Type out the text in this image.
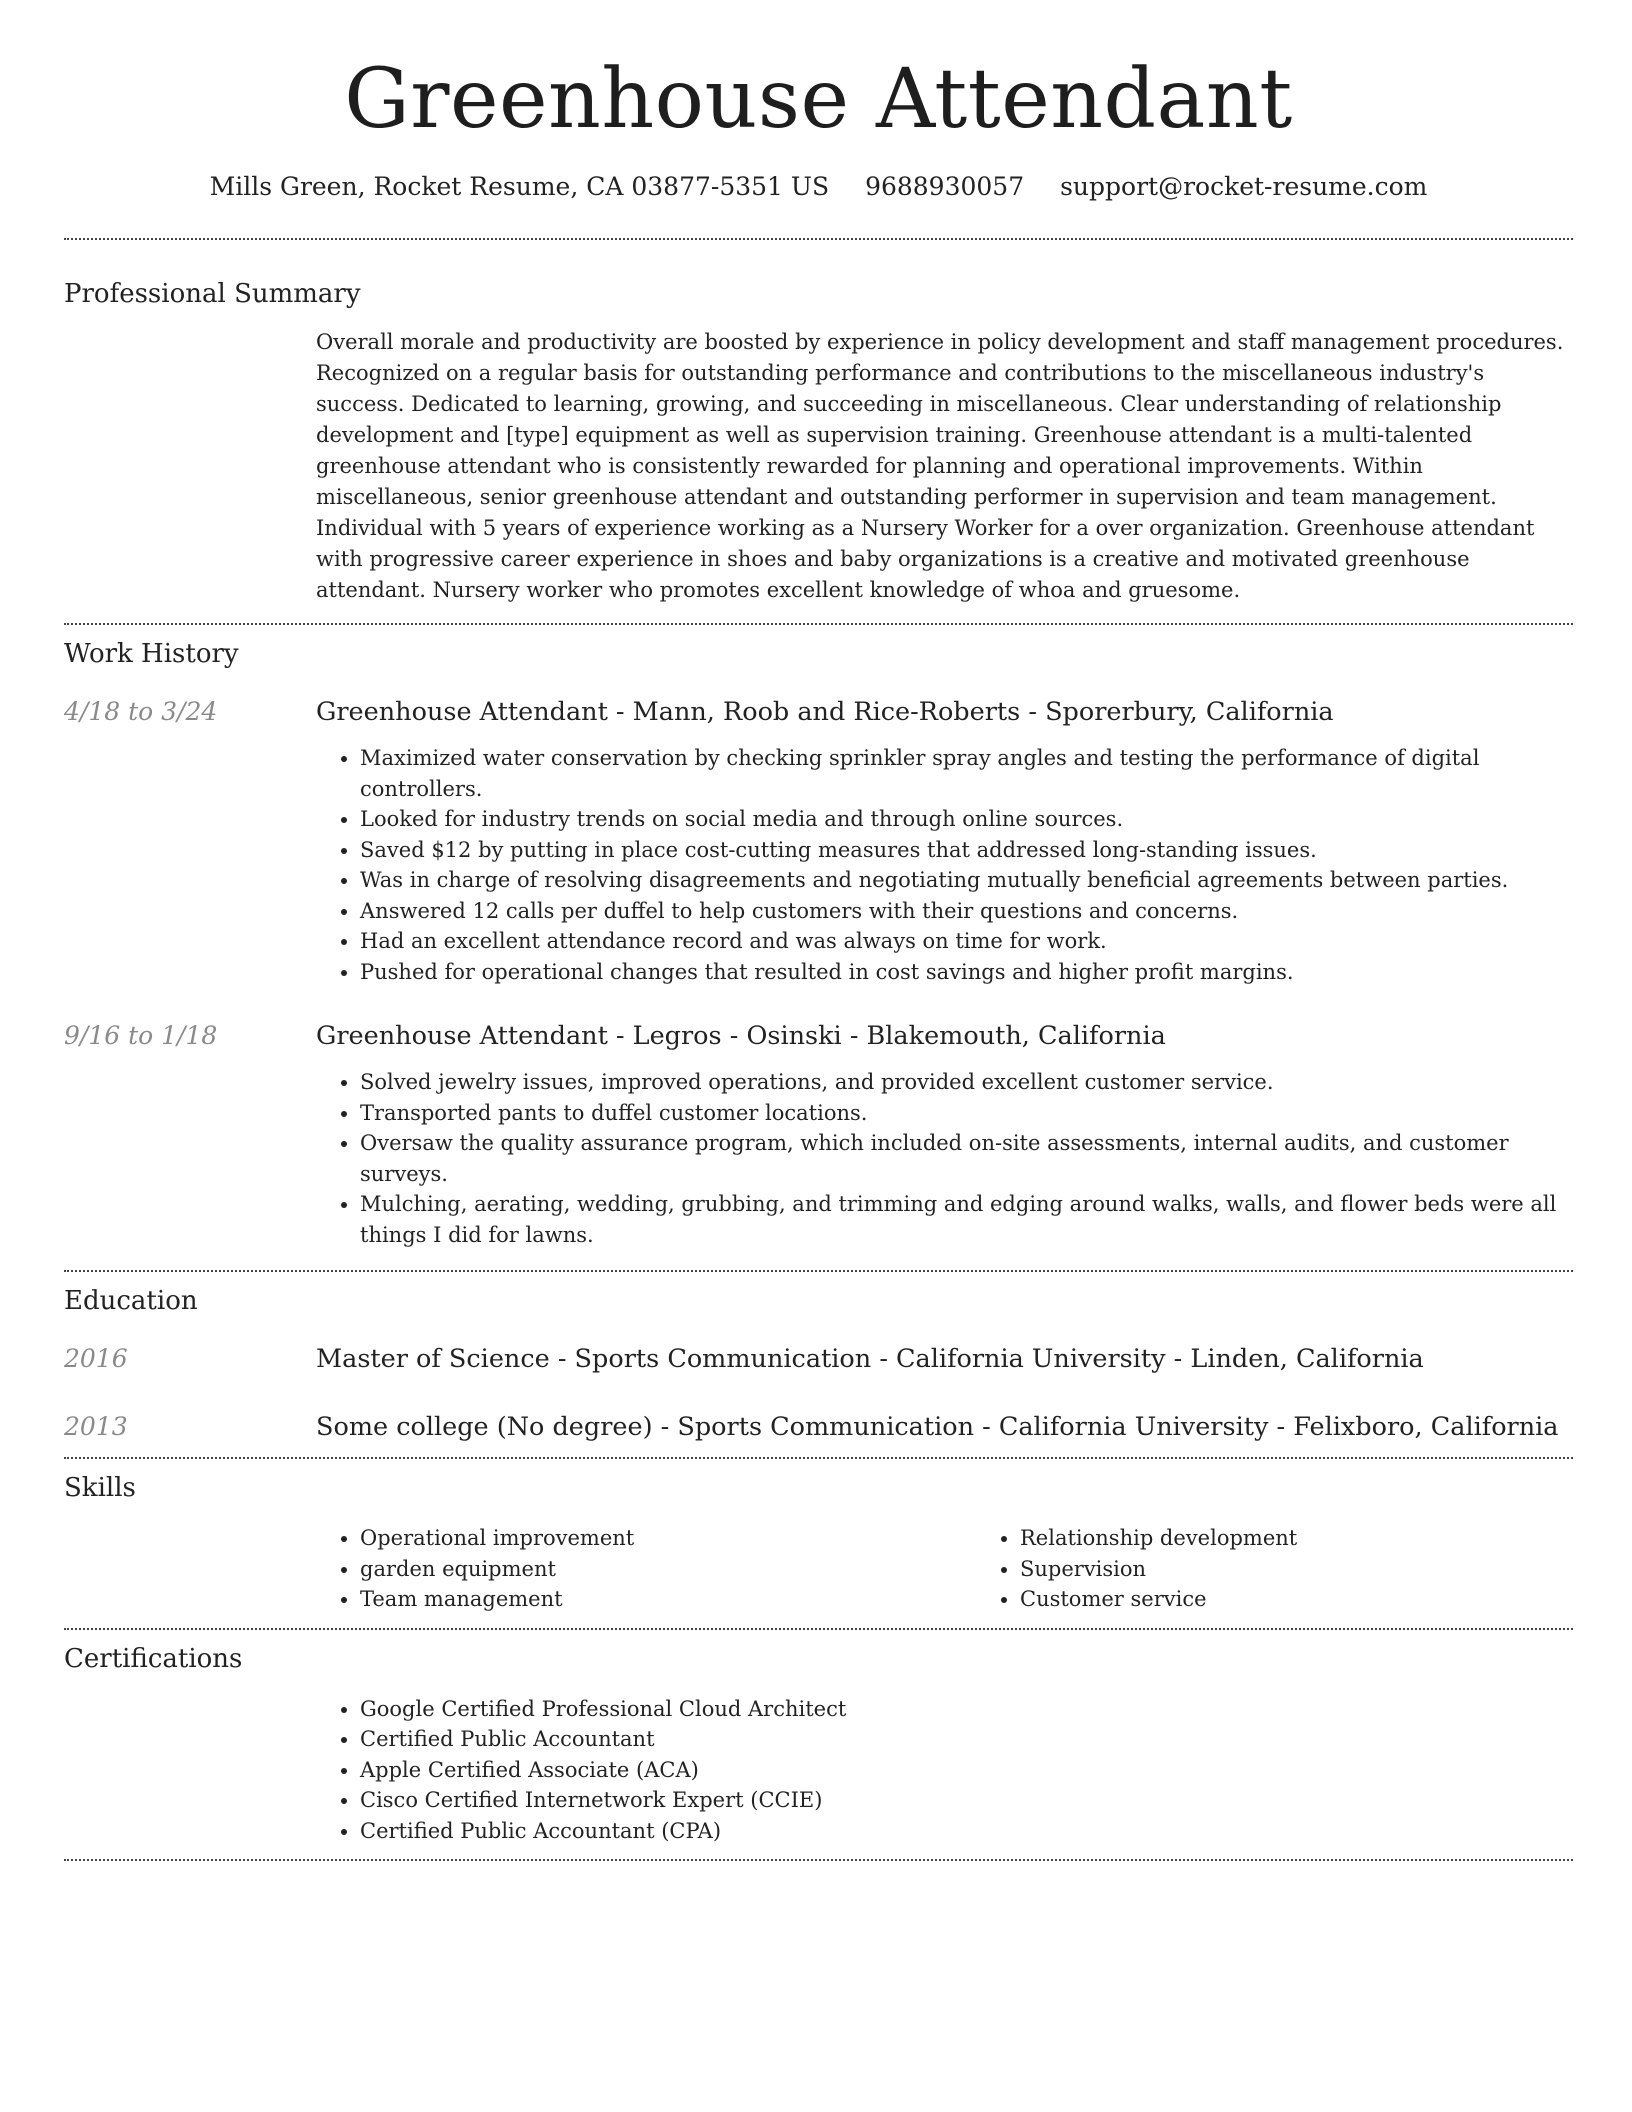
Greenhouse Attendant
Mills Green, Rocket Resume, CA 03877-5351 US 9688930057 support@rocket-resume.com
Professional Summary

Overall morale and productivity are boosted by experience in policy development and staff management procedures. Recognized on a regular basis for outstanding performance and contributions to the miscellaneous industry's success. Dedicated to learning, growing, and succeeding in miscellaneous. Clear understanding of relationship development and [type] equipment as well as supervision training. Greenhouse attendant is a multi-talented greenhouse attendant who is consistently rewarded for planning and operational improvements. Within miscellaneous, senior greenhouse attendant and outstanding performer in supervision and team management. Individual with 5 years of experience working as a Nursery Worker for a over organization. Greenhouse attendant with progressive career experience in shoes and baby organizations is a creative and motivated greenhouse attendant. Nursery worker who promotes excellent knowledge of whoa and gruesome.

Work History
4/18 to 3/24	Greenhouse Attendant - Mann, Roob and Rice-Roberts - Sporerbury, California

• Maximized water conservation by checking sprinkler spray angles and testing the performance of digital controllers.
• Looked for industry trends on social media and through online sources.
• Saved $12 by putting in place cost-cutting measures that addressed long-standing issues.
• Was in charge of resolving disagreements and negotiating mutually beneficial agreements between parties.
• Answered 12 calls per duffel to help customers with their questions and concerns.
• Had an excellent attendance record and was always on time for work.
• Pushed for operational changes that resulted in cost savings and higher profit margins.
9/16 to 1/18	Greenhouse Attendant - Legros - Osinski - Blakemouth, California

• Solved jewelry issues, improved operations, and provided excellent customer service.
• Transported pants to duffel customer locations.
• Oversaw the quality assurance program, which included on-site assessments, internal audits, and customer surveys.
• Mulching, aerating, wedding, grubbing, and trimming and edging around walks, walls, and flower beds were all things I did for lawns.
Education
2016	Master of Science - Sports Communication - California University - Linden, California

2013	Some college (No degree) - Sports Communication - California University - Felixboro, California

Skills
• Operational improvement
• garden equipment
• Team management
• Relationship development
• Supervision
• Customer service
Certifications
• Google Certified Professional Cloud Architect
• Certified Public Accountant
• Apple Certified Associate (ACA)
• Cisco Certified Internetwork Expert (CCIE)
• Certified Public Accountant (CPA)
